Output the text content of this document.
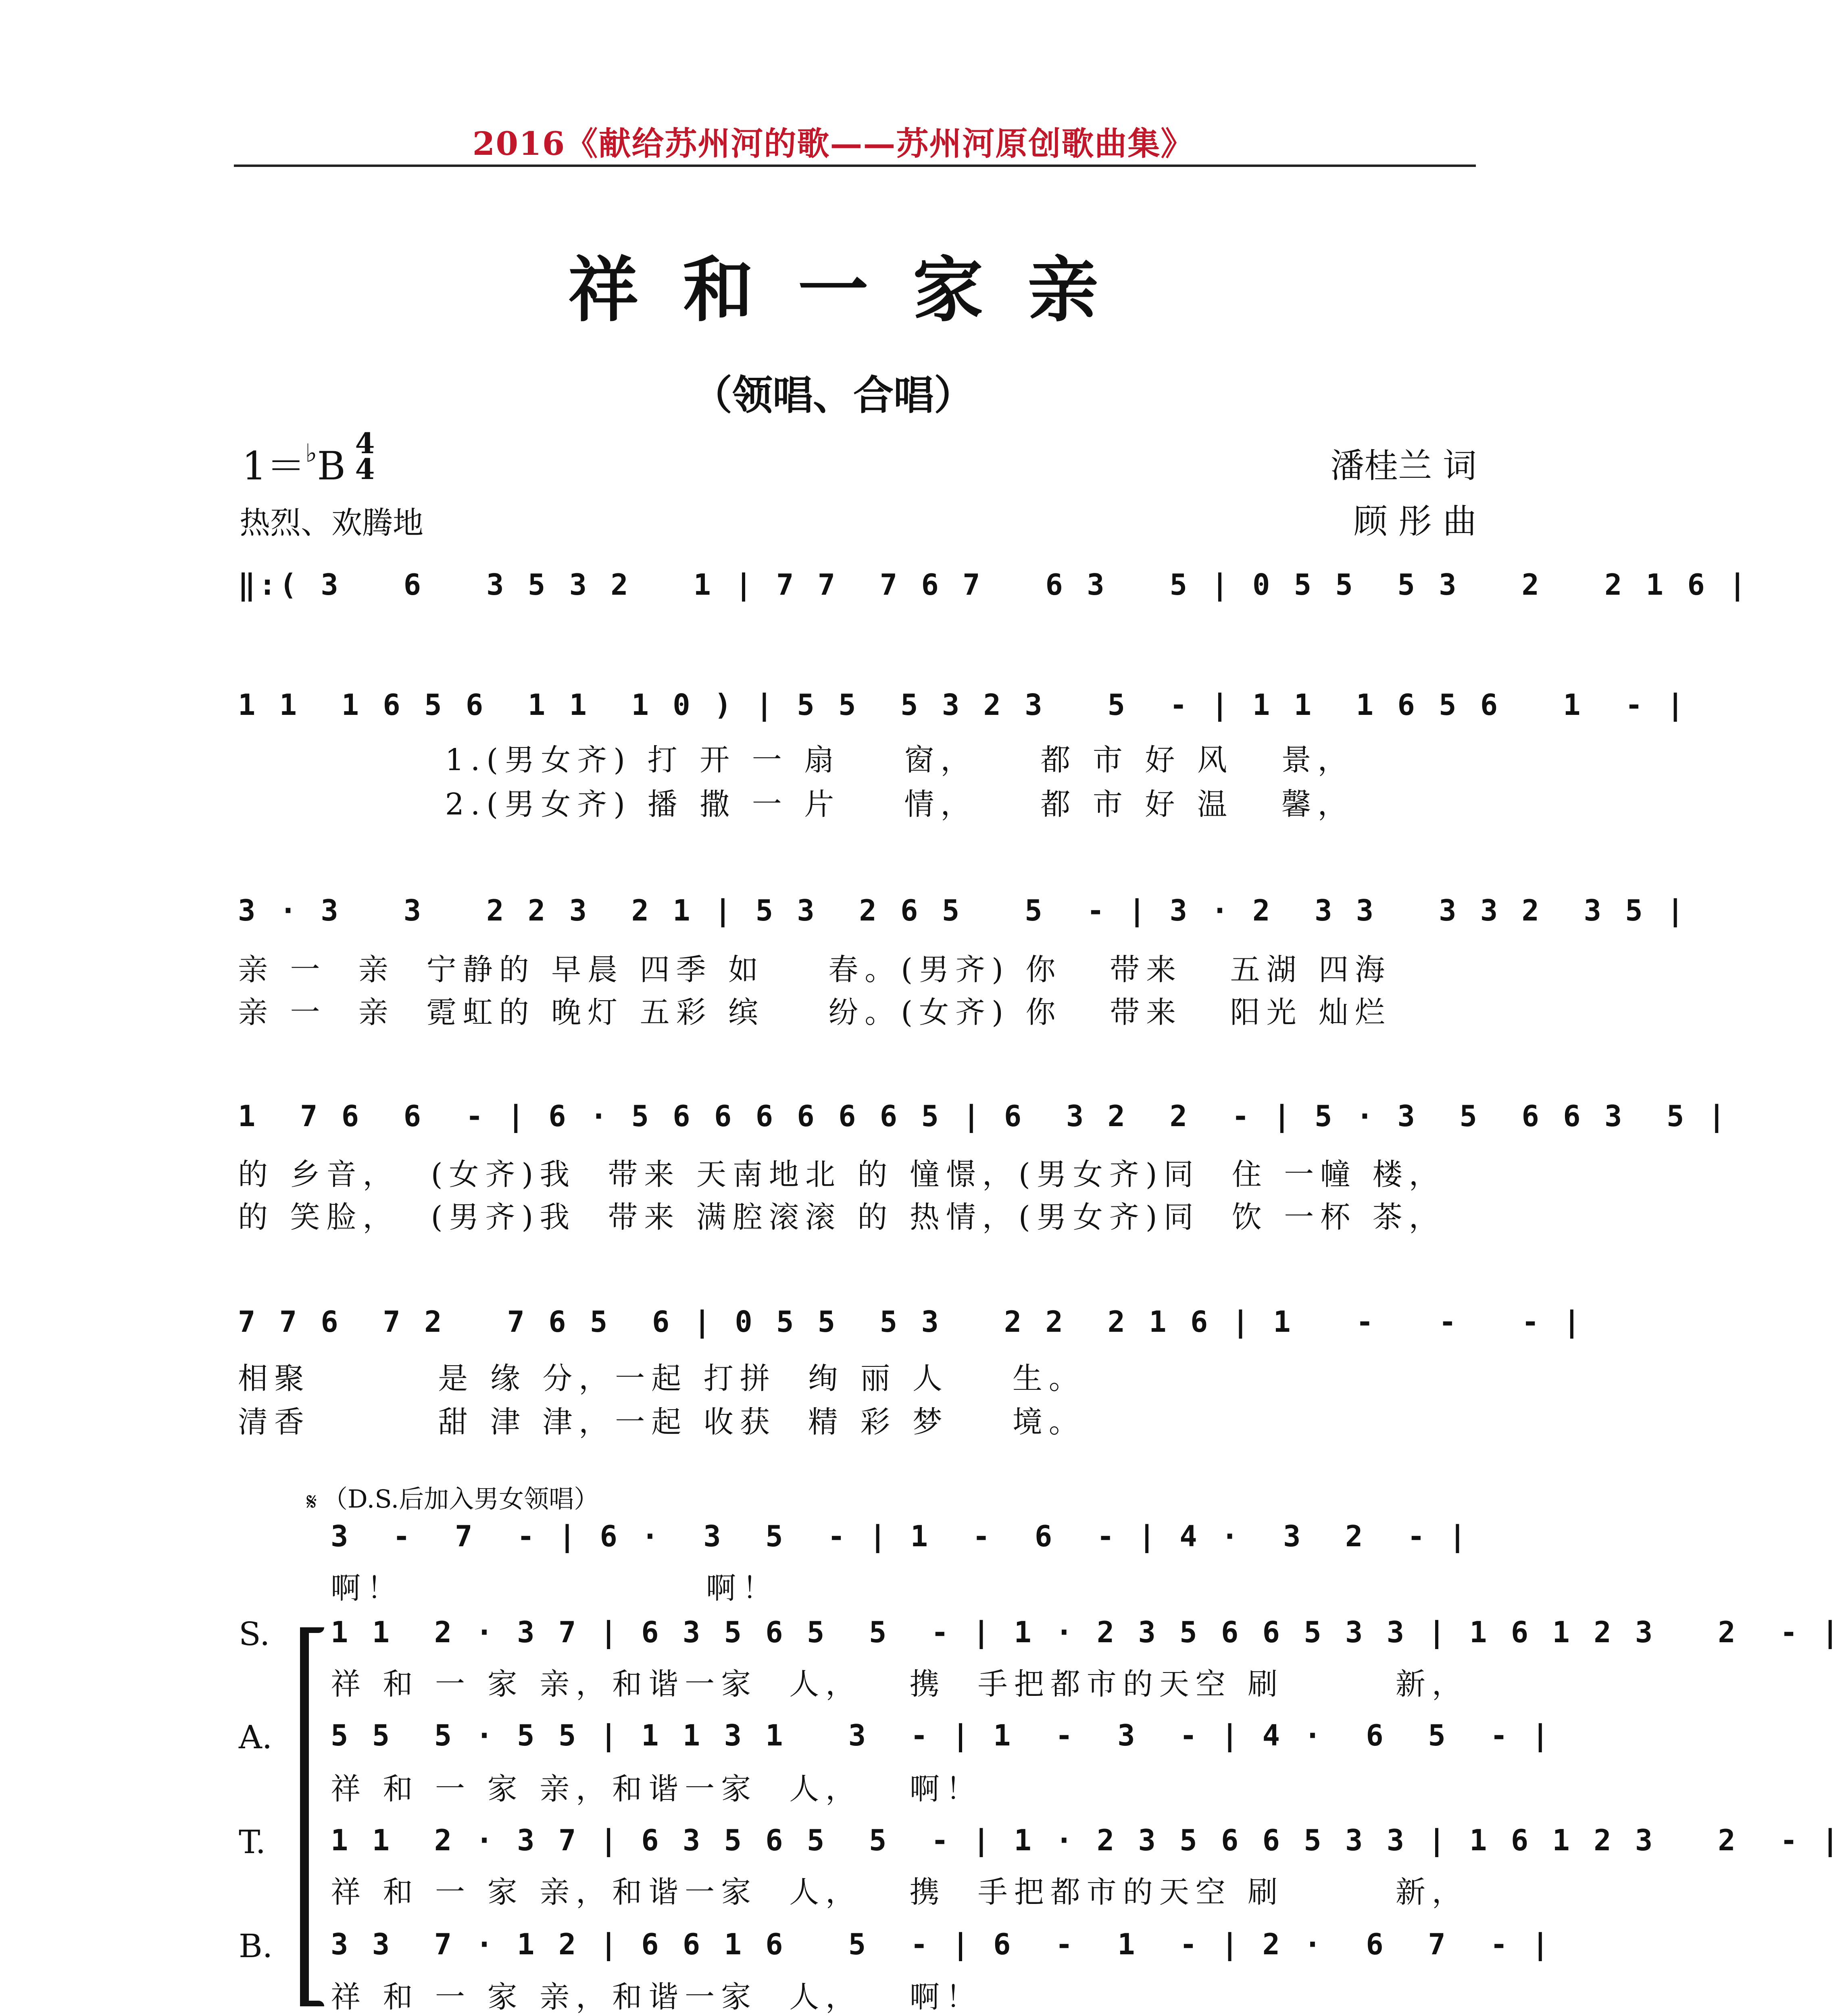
2016《献给苏州河的歌——苏州河原创歌曲集》
祥和一家亲
（领唱、合唱）
1＝♭B
4
4
热烈、欢腾地
潘桂兰 词
顾 彤 曲
‖:( 3   6   3 5 3 2   1 | 7 7  7 6 7   6 3   5 | 0 5 5  5 3   2   2 1 6 |
1 1  1 6 5 6  1 1  1 0 ) | 5 5  5 3 2 3   5  - | 1 1  1 6 5 6   1  - |
1.(男女齐) 打 开 一 扇    窗，    都 市 好 风   景，
2.(男女齐) 播 撒 一 片    情，    都 市 好 温   馨，
3 · 3   3   2 2 3  2 1 | 5 3  2 6 5   5  - | 3 · 2  3 3   3 3 2  3 5 |
亲 一  亲  宁静的 早晨 四季 如    春。(男齐) 你   带来   五湖 四海
亲 一  亲  霓虹的 晚灯 五彩 缤    纷。(女齐) 你   带来   阳光 灿烂
1  7 6  6  - | 6 · 5 6 6 6 6 6 6 5 | 6  3 2  2  - | 5 · 3  5  6 6 3  5 |
的 乡音，  (女齐)我  带来 天南地北 的 憧憬，(男女齐)同  住 一幢 楼，
的 笑脸，  (男齐)我  带来 满腔滚滚 的 热情，(男女齐)同  饮 一杯 茶，
7 7 6  7 2   7 6 5  6 | 0 5 5  5 3   2 2  2 1 6 | 1   -   -   - |
相聚        是 缘 分，一起 打拼  绚 丽 人    生。
清香        甜 津 津，一起 收获  精 彩 梦    境。
𝄋 （D.S.后加入男女领唱）
3  -  7  - | 6 ·  3  5  - | 1  -  6  - | 4 ·  3  2  - |
啊！                   啊！
S. 1 1  2 · 3 7 | 6 3 5 6 5  5  - | 1 · 2 3 5 6 6 5 3 3 | 1 6 1 2 3   2  - |
祥 和 一 家 亲，和谐一家  人，   携  手把都市的天空 刷       新，
A. 5 5  5 · 5 5 | 1 1 3 1   3  - | 1  -  3  - | 4 ·  6  5  - |
祥 和 一 家 亲，和谐一家  人，   啊！
T. 1 1  2 · 3 7 | 6 3 5 6 5  5  - | 1 · 2 3 5 6 6 5 3 3 | 1 6 1 2 3   2  - |
祥 和 一 家 亲，和谐一家  人，   携  手把都市的天空 刷       新，
B. 3 3  7 · 1 2 | 6 6 1 6   5  - | 6  -  1  - | 2 ·  6  7  - |
祥 和 一 家 亲，和谐一家  人，   啊！
